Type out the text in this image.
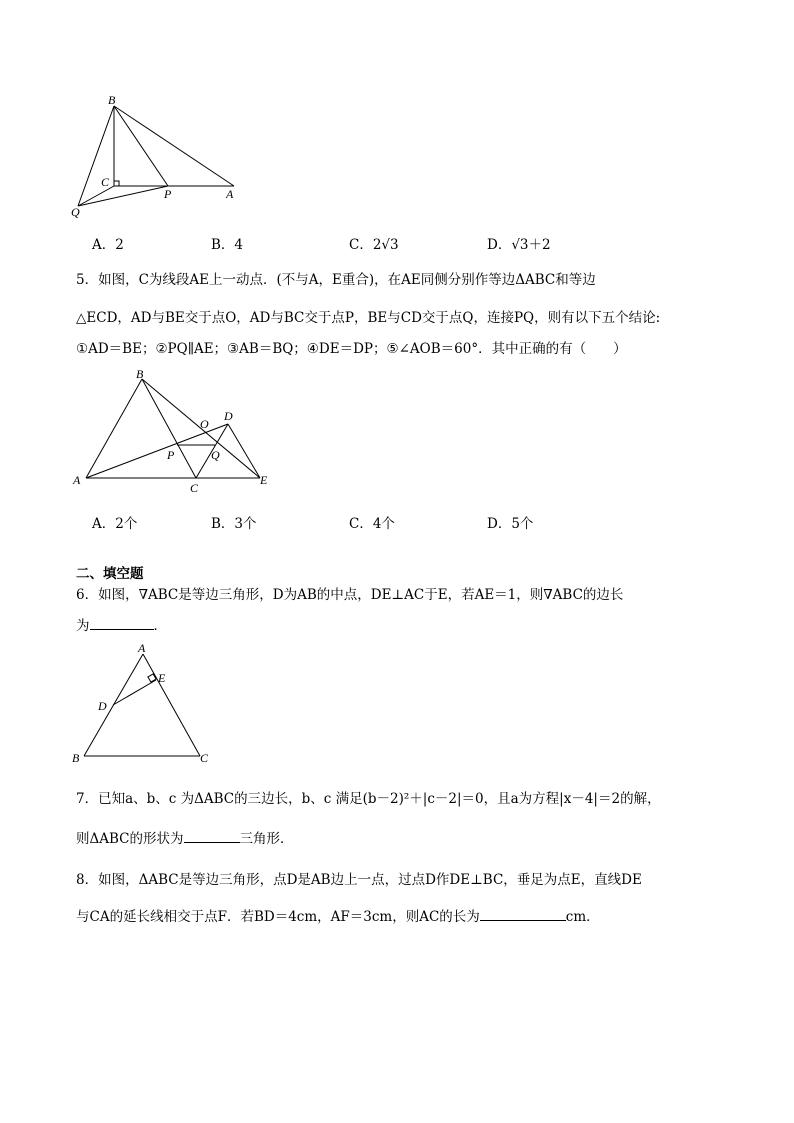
B
C
P	A
Q
A．2	B．4	C．2√3	D．√3＋2
5．如图，C为线段AE上一动点．(不与A，E重合)，在AE同侧分别作等边ΔABC和等边
△ECD，AD与BE交于点O，AD与BC交于点P，BE与CD交于点Q，连接PQ，则有以下五个结论:
①AD＝BE；②PQ∥AE；③AB＝BQ；④DE＝DP；⑤∠AOB＝60°．其中正确的有（　　）
B
O
D
P	Q
A
C
E
A．2个	B．3个	C．4个	D．5个
二、填空题
6．如图，∇ABC是等边三角形，D为AB的中点，DE⊥AC于E，若AE＝1，则∇ABC的边长
为	．
A
E
D
B	C
7．已知a、b、c 为ΔABC的三边长，b、c 满足(b－2)²＋|c－2|＝0，且a为方程|x－4|＝2的解，
则ΔABC的形状为	三角形．
8．如图，ΔABC是等边三角形，点D是AB边上一点，过点D作DE⊥BC，垂足为点E，直线DE
与CA的延长线相交于点F．若BD＝4cm，AF＝3cm，则AC的长为	cm．
